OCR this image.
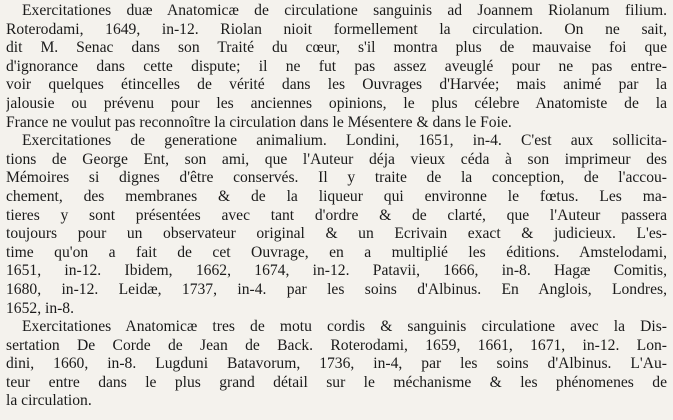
Exercitationes duæ Anatomicæ de circulatione sanguinis ad Joannem Riolanum filium.
Roterodami, 1649, in-12. Riolan nioit formellement la circulation. On ne sait,
dit M. Senac dans son Traité du cœur, s'il montra plus de mauvaise foi que
d'ignorance dans cette dispute; il ne fut pas assez aveuglé pour ne pas entre-
voir quelques étincelles de vérité dans les Ouvrages d'Harvée; mais animé par la
jalousie ou prévenu pour les anciennes opinions, le plus célebre Anatomiste de la
France ne voulut pas reconnoître la circulation dans le Mésentere & dans le Foie.
Exercitationes de generatione animalium. Londini, 1651, in-4. C'est aux sollicita-
tions de George Ent, son ami, que l'Auteur déja vieux céda à son imprimeur des
Mémoires si dignes d'être conservés. Il y traite de la conception, de l'accou-
chement, des membranes & de la liqueur qui environne le fœtus. Les ma-
tieres y sont présentées avec tant d'ordre & de clarté, que l'Auteur passera
toujours pour un observateur original & un Ecrivain exact & judicieux. L'es-
time qu'on a fait de cet Ouvrage, en a multiplié les éditions. Amstelodami,
1651, in-12. Ibidem, 1662, 1674, in-12. Patavii, 1666, in-8. Hagæ Comitis,
1680, in-12. Leidæ, 1737, in-4. par les soins d'Albinus. En Anglois, Londres,
1652, in-8.
Exercitationes Anatomicæ tres de motu cordis & sanguinis circulatione avec la Dis-
sertation De Corde de Jean de Back. Roterodami, 1659, 1661, 1671, in-12. Lon-
dini, 1660, in-8. Lugduni Batavorum, 1736, in-4, par les soins d'Albinus. L'Au-
teur entre dans le plus grand détail sur le méchanisme & les phénomenes de
la circulation.
